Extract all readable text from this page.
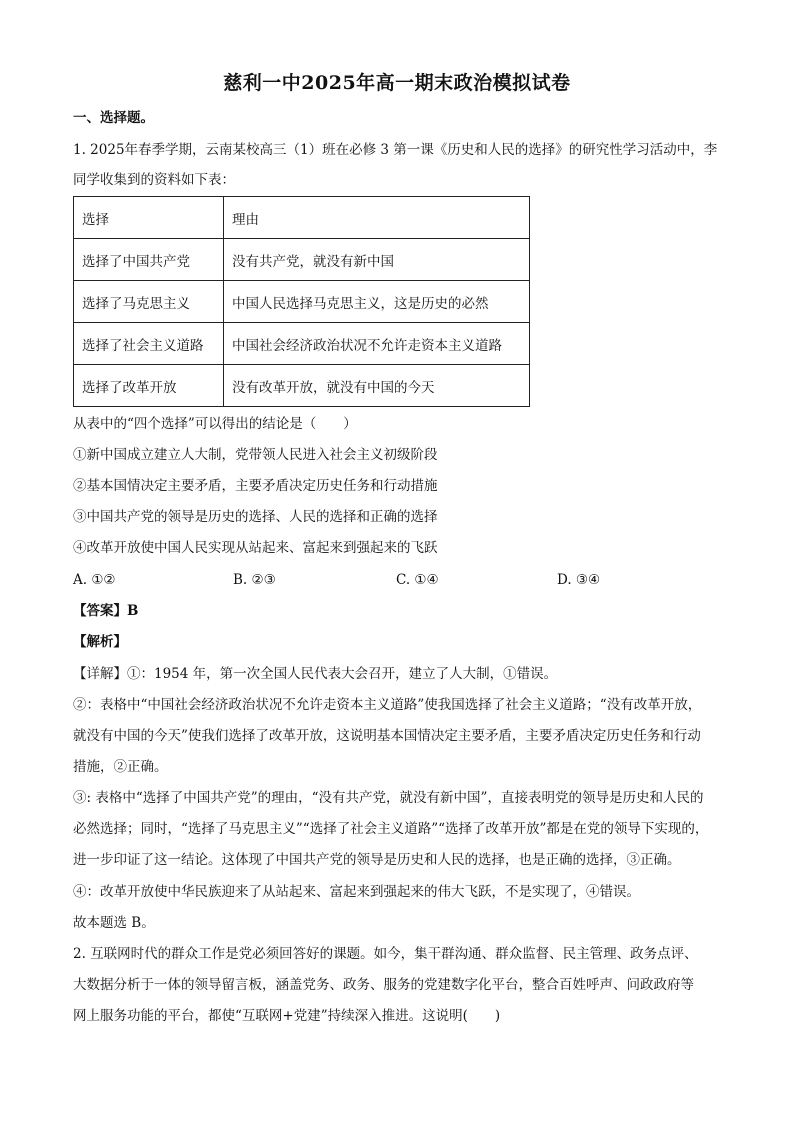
慈利一中2025年高一期末政治模拟试卷
一、选择题。
1. 2025年春季学期，云南某校高三（1）班在必修 3 第一课《历史和人民的选择》的研究性学习活动中，李
同学收集到的资料如下表：
选择	理由
选择了中国共产党	没有共产党，就没有新中国
选择了马克思主义	中国人民选择马克思主义，这是历史的必然
选择了社会主义道路	中国社会经济政治状况不允许走资本主义道路
选择了改革开放	没有改革开放，就没有中国的今天
从表中的“四个选择”可以得出的结论是（　　）
①新中国成立建立人大制，党带领人民进入社会主义初级阶段
②基本国情决定主要矛盾，主要矛盾决定历史任务和行动措施
③中国共产党的领导是历史的选择、人民的选择和正确的选择
④改革开放使中国人民实现从站起来、富起来到强起来的飞跃
A. ①②	B. ②③	C. ①④	D. ③④
【答案】B
【解析】
【详解】①：1954 年，第一次全国人民代表大会召开，建立了人大制，①错误。
②：表格中“中国社会经济政治状况不允许走资本主义道路”使我国选择了社会主义道路；“没有改革开放，
就没有中国的今天”使我们选择了改革开放，这说明基本国情决定主要矛盾，主要矛盾决定历史任务和行动
措施，②正确。
③: 表格中“选择了中国共产党”的理由，“没有共产党，就没有新中国”，直接表明党的领导是历史和人民的
必然选择；同时，“选择了马克思主义”“选择了社会主义道路”“选择了改革开放”都是在党的领导下实现的，
进一步印证了这一结论。这体现了中国共产党的领导是历史和人民的选择，也是正确的选择，③正确。
④：改革开放使中华民族迎来了从站起来、富起来到强起来的伟大飞跃，不是实现了，④错误。
故本题选 B。
2. 互联网时代的群众工作是党必须回答好的课题。如今，集干群沟通、群众监督、民主管理、政务点评、
大数据分析于一体的领导留言板，涵盖党务、政务、服务的党建数字化平台，整合百姓呼声、问政政府等
网上服务功能的平台，都使“互联网+党建”持续深入推进。这说明(　　)
